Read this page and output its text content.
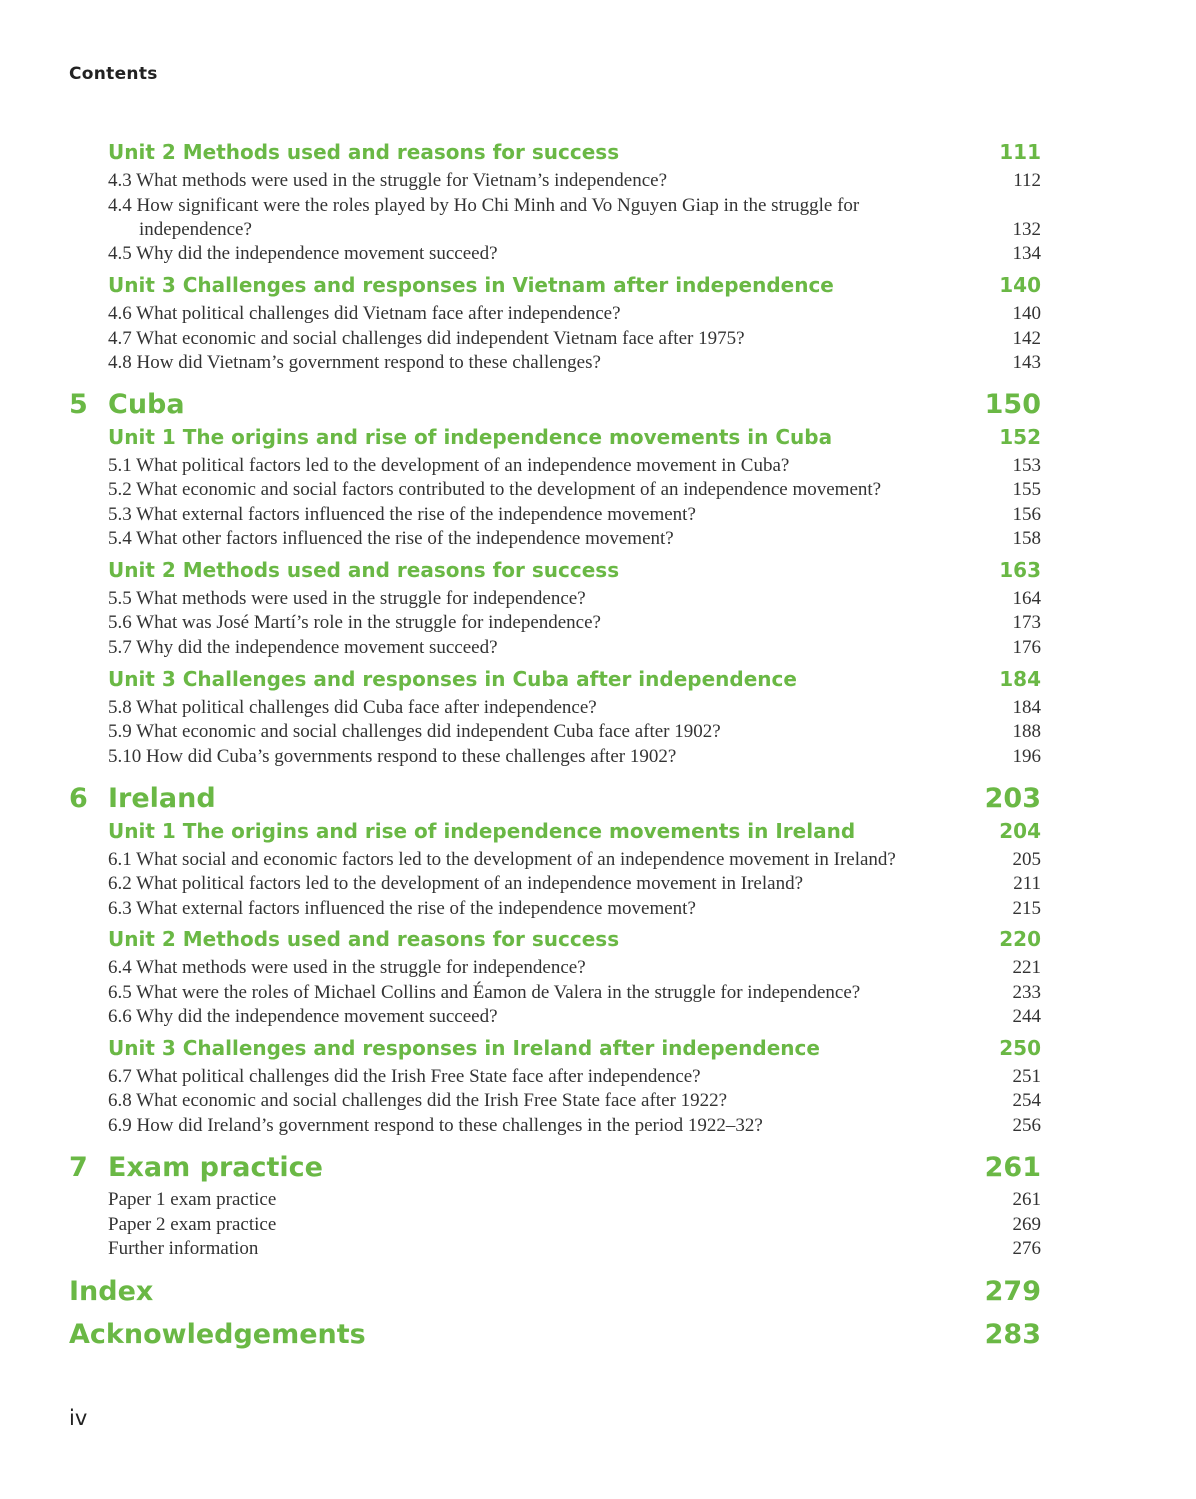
Contents
Unit 2 Methods used and reasons for success	111
4.3 What methods were used in the struggle for Vietnam’s independence?	112
4.4 How significant were the roles played by Ho Chi Minh and Vo Nguyen Giap in the struggle for
independence?	132
4.5 Why did the independence movement succeed?	134
Unit 3 Challenges and responses in Vietnam after independence	140
4.6 What political challenges did Vietnam face after independence?	140
4.7 What economic and social challenges did independent Vietnam face after 1975?	142
4.8 How did Vietnam’s government respond to these challenges?	143
5 Cuba	150
Unit 1 The origins and rise of independence movements in Cuba	152
5.1 What political factors led to the development of an independence movement in Cuba?	153
5.2 What economic and social factors contributed to the development of an independence movement?	155
5.3 What external factors influenced the rise of the independence movement?	156
5.4 What other factors influenced the rise of the independence movement?	158
Unit 2 Methods used and reasons for success	163
5.5 What methods were used in the struggle for independence?	164
5.6 What was José Martí’s role in the struggle for independence?	173
5.7 Why did the independence movement succeed?	176
Unit 3 Challenges and responses in Cuba after independence	184
5.8 What political challenges did Cuba face after independence?	184
5.9 What economic and social challenges did independent Cuba face after 1902?	188
5.10 How did Cuba’s governments respond to these challenges after 1902?	196
6 Ireland	203
Unit 1 The origins and rise of independence movements in Ireland	204
6.1 What social and economic factors led to the development of an independence movement in Ireland?	205
6.2 What political factors led to the development of an independence movement in Ireland?	211
6.3 What external factors influenced the rise of the independence movement?	215
Unit 2 Methods used and reasons for success	220
6.4 What methods were used in the struggle for independence?	221
6.5 What were the roles of Michael Collins and Éamon de Valera in the struggle for independence?	233
6.6 Why did the independence movement succeed?	244
Unit 3 Challenges and responses in Ireland after independence	250
6.7 What political challenges did the Irish Free State face after independence?	251
6.8 What economic and social challenges did the Irish Free State face after 1922?	254
6.9 How did Ireland’s government respond to these challenges in the period 1922–32?	256
7 Exam practice	261
Paper 1 exam practice	261
Paper 2 exam practice	269
Further information	276
Index	279
Acknowledgements	283
iv
